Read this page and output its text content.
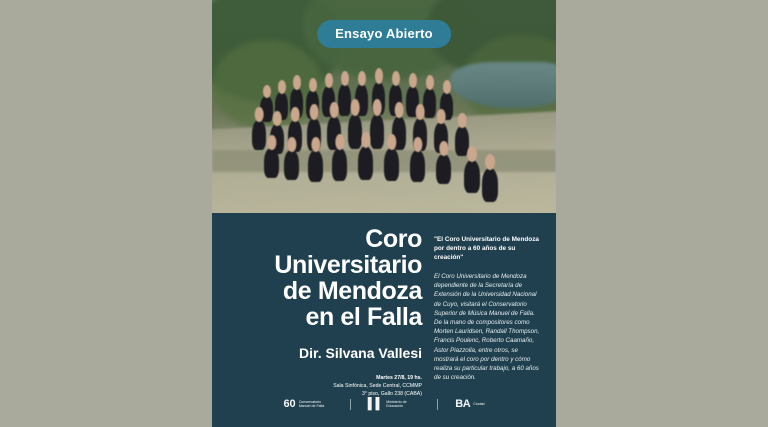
Ensayo Abierto
Coro
Universitario
de Mendoza
en el Falla
Dir. Silvana Vallesi
Martes 27/8, 19 hs.
Sala Sinfónica, Sede Central, CCMMP
3° piso, Gallo 238 (CABA)
"El Coro Universitario de Mendoza por dentro a 60 años de su creación"
El Coro Universitario de Mendoza dependiente de la Secretaría de Extensión de la Universidad Nacional de Cuyo, visitará el Conservatorio Superior de Música Manuel de Falla. De la mano de compositores como Morten Lauridsen, Randall Thompson, Francis Poulenc, Roberto Caamaño, Astor Piazzolla, entre otros, se mostrará el coro por dentro y cómo realiza su particular trabajo, a 60 años de su creación.
60 Conservatorio Manuel de Falla	▌▌ Ministerio de Educación	BA Ciudad
